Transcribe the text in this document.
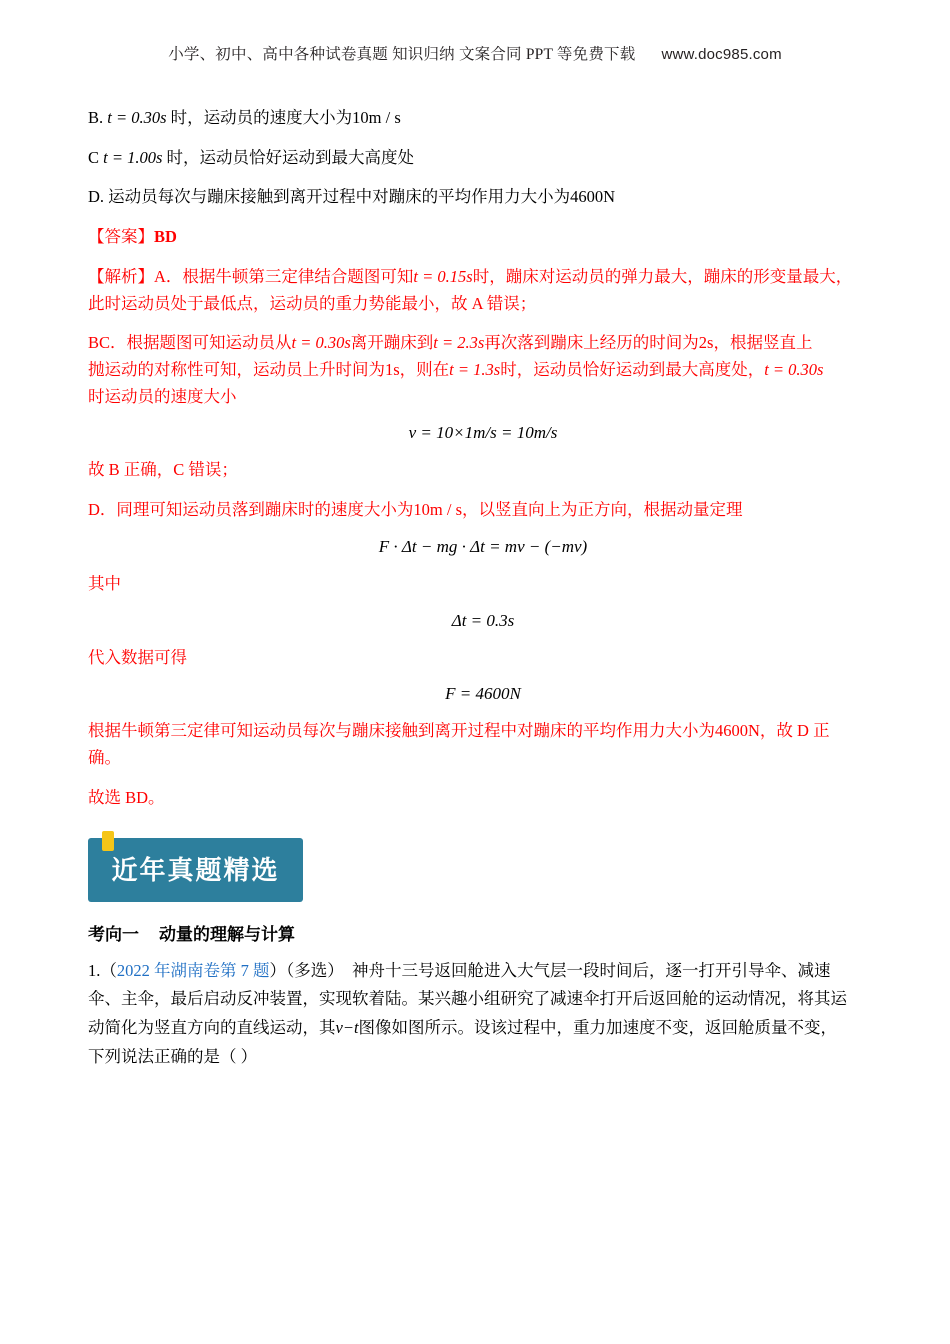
小学、初中、高中各种试卷真题 知识归纳 文案合同 PPT 等免费下载 www.doc985.com

B. t = 0.30s 时，运动员的速度大小为10m / s

C t = 1.00s 时，运动员恰好运动到最大高度处

D. 运动员每次与蹦床接触到离开过程中对蹦床的平均作用力大小为4600N

【答案】BD

【解析】A．根据牛顿第三定律结合题图可知t = 0.15s时，蹦床对运动员的弹力最大，蹦床的形变量最大，
此时运动员处于最低点，运动员的重力势能最小，故 A 错误；

BC．根据题图可知运动员从t = 0.30s离开蹦床到t = 2.3s再次落到蹦床上经历的时间为2s，根据竖直上
抛运动的对称性可知，运动员上升时间为1s，则在t = 1.3s时，运动员恰好运动到最大高度处，t = 0.30s
时运动员的速度大小

v = 10×1m/s = 10m/s

故 B 正确，C 错误；

D．同理可知运动员落到蹦床时的速度大小为10m / s，以竖直向上为正方向，根据动量定理

F · Δt − mg · Δt = mv − (−mv)

其中

Δt = 0.3s

代入数据可得

F = 4600N

根据牛顿第三定律可知运动员每次与蹦床接触到离开过程中对蹦床的平均作用力大小为4600N，故 D 正
确。

故选 BD。

近年真题精选
考向一 动量的理解与计算

1.（2022 年湖南卷第 7 题）（多选） 神舟十三号返回舱进入大气层一段时间后，逐一打开引导伞、减速
伞、主伞，最后启动反冲装置，实现软着陆。某兴趣小组研究了减速伞打开后返回舱的运动情况，将其运
动简化为竖直方向的直线运动，其v−t图像如图所示。设该过程中，重力加速度不变，返回舱质量不变，
下列说法正确的是（ ）
